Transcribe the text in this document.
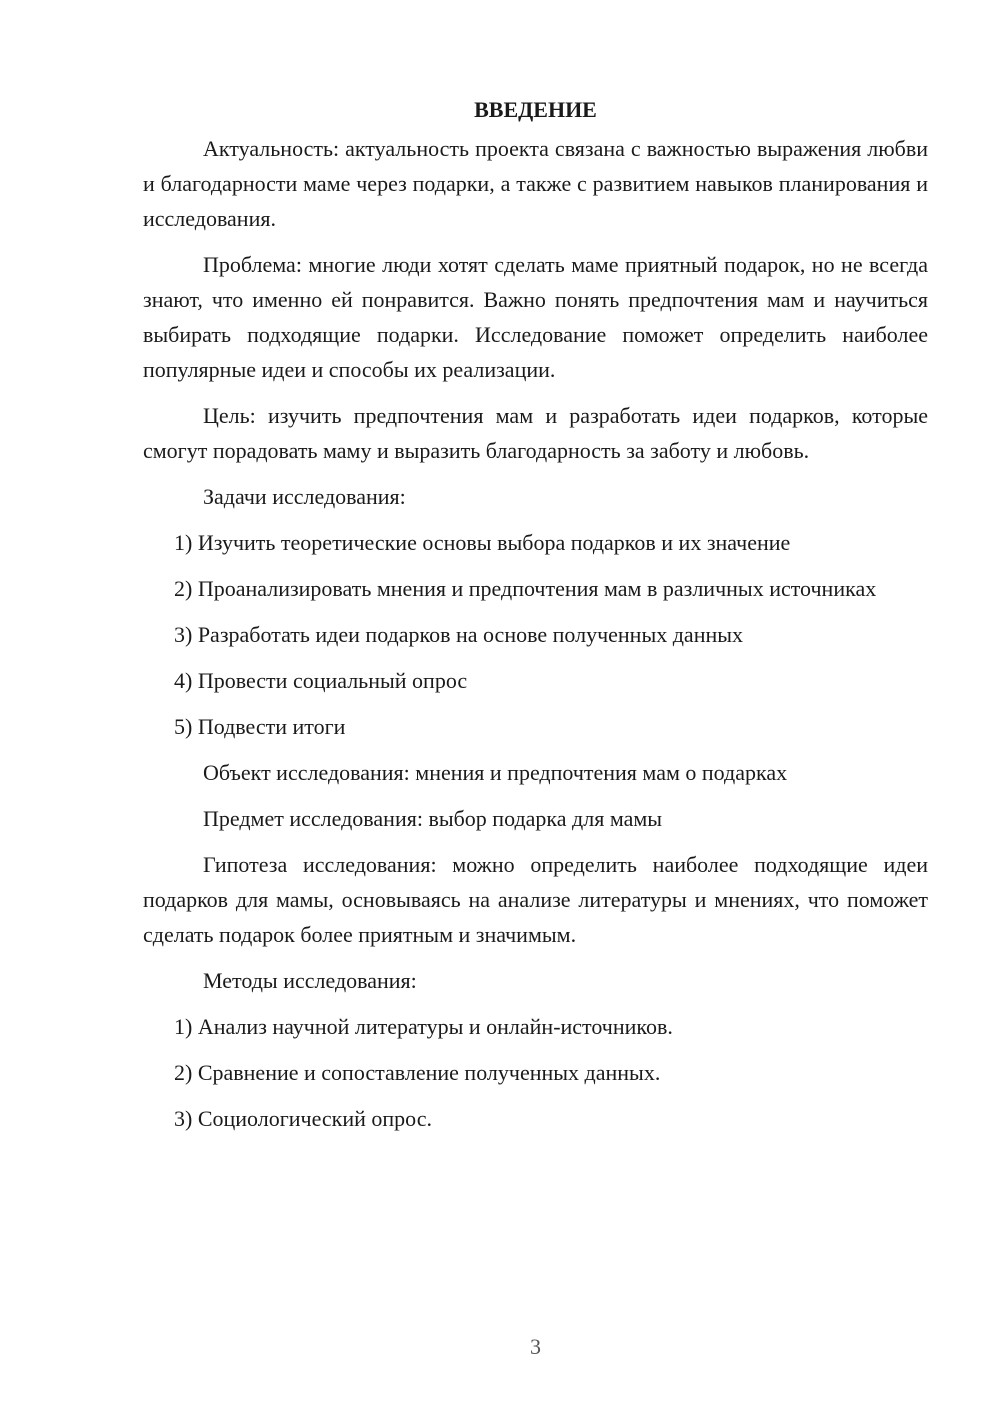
ВВЕДЕНИЕ

Актуальность: актуальность проекта связана с важностью выражения любви и благодарности маме через подарки, а также с развитием навыков планирования и исследования.

Проблема: многие люди хотят сделать маме приятный подарок, но не всегда знают, что именно ей понравится. Важно понять предпочтения мам и научиться выбирать подходящие подарки. Исследование поможет определить наиболее популярные идеи и способы их реализации.

Цель: изучить предпочтения мам и разработать идеи подарков, которые смогут порадовать маму и выразить благодарность за заботу и любовь.

Задачи исследования:

1) Изучить теоретические основы выбора подарков и их значение

2) Проанализировать мнения и предпочтения мам в различных источниках

3) Разработать идеи подарков на основе полученных данных

4) Провести социальный опрос

5) Подвести итоги

Объект исследования: мнения и предпочтения мам о подарках

Предмет исследования: выбор подарка для мамы

Гипотеза исследования: можно определить наиболее подходящие идеи подарков для мамы, основываясь на анализе литературы и мнениях, что поможет сделать подарок более приятным и значимым.

Методы исследования:

1) Анализ научной литературы и онлайн-источников.

2) Сравнение и сопоставление полученных данных.

3) Социологический опрос.

3
